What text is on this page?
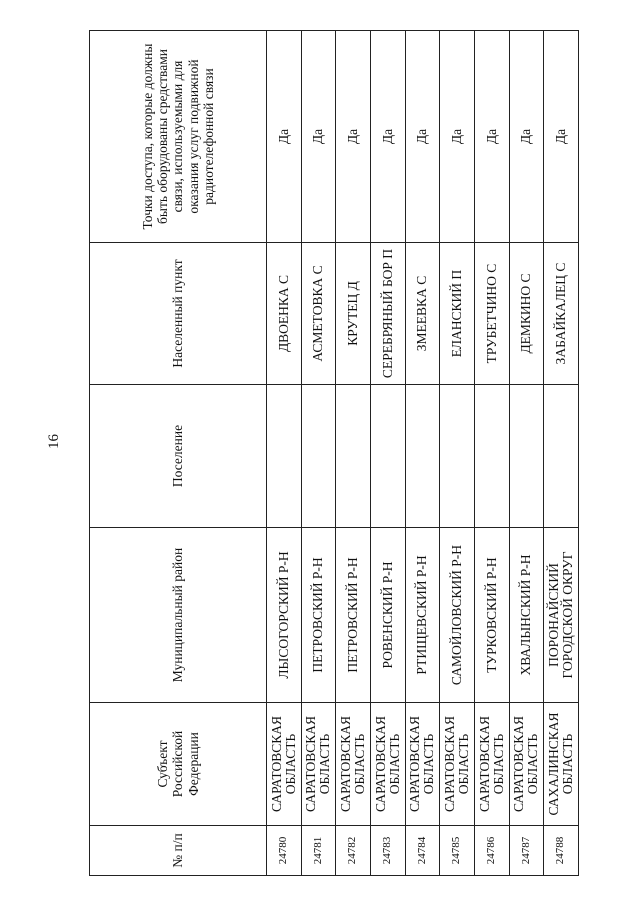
16
№ п/п	Субъект Российской Федерации	Муниципальный район	Поселение	Населенный пункт	Точки доступа, которые должны быть оборудованы средствами связи, используемыми для оказания услуг подвижной радиотелефонной связи
24780	САРАТОВСКАЯ ОБЛАСТЬ	ЛЫСОГОРСКИЙ Р-Н		ДВОЕНКА С	Да
24781	САРАТОВСКАЯ ОБЛАСТЬ	ПЕТРОВСКИЙ Р-Н		АСМЕТОВКА С	Да
24782	САРАТОВСКАЯ ОБЛАСТЬ	ПЕТРОВСКИЙ Р-Н		КРУТЕЦ Д	Да
24783	САРАТОВСКАЯ ОБЛАСТЬ	РОВЕНСКИЙ Р-Н		СЕРЕБРЯНЫЙ БОР П	Да
24784	САРАТОВСКАЯ ОБЛАСТЬ	РТИЩЕВСКИЙ Р-Н		ЗМЕЕВКА С	Да
24785	САРАТОВСКАЯ ОБЛАСТЬ	САМОЙЛОВСКИЙ Р-Н		ЕЛАНСКИЙ П	Да
24786	САРАТОВСКАЯ ОБЛАСТЬ	ТУРКОВСКИЙ Р-Н		ТРУБЕТЧИНО С	Да
24787	САРАТОВСКАЯ ОБЛАСТЬ	ХВАЛЫНСКИЙ Р-Н		ДЕМКИНО С	Да
24788	САХАЛИНСКАЯ ОБЛАСТЬ	ПОРОНАЙСКИЙ ГОРОДСКОЙ ОКРУГ		ЗАБАЙКАЛЕЦ С	Да
